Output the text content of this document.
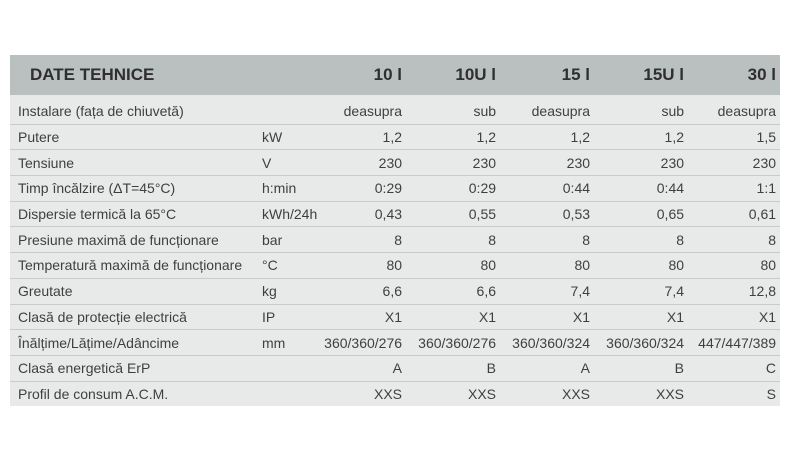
DATE TEHNICE		10 l	10U l	15 l	15U l	30 l
Instalare (fața de chiuvetă)		deasupra	sub	deasupra	sub	deasupra
Putere	kW	1,2	1,2	1,2	1,2	1,5
Tensiune	V	230	230	230	230	230
Timp încălzire (ΔT=45°C)	h:min	0:29	0:29	0:44	0:44	1:1
Dispersie termică la 65°C	kWh/24h	0,43	0,55	0,53	0,65	0,61
Presiune maximă de funcționare	bar	8	8	8	8	8
Temperatură maximă de funcționare	°C	80	80	80	80	80
Greutate	kg	6,6	6,6	7,4	7,4	12,8
Clasă de protecție electrică	IP	X1	X1	X1	X1	X1
Înălțime/Lățime/Adâncime	mm	360/360/276	360/360/276	360/360/324	360/360/324	447/447/389
Clasă energetică ErP		A	B	A	B	C
Profil de consum A.C.M.		XXS	XXS	XXS	XXS	S
